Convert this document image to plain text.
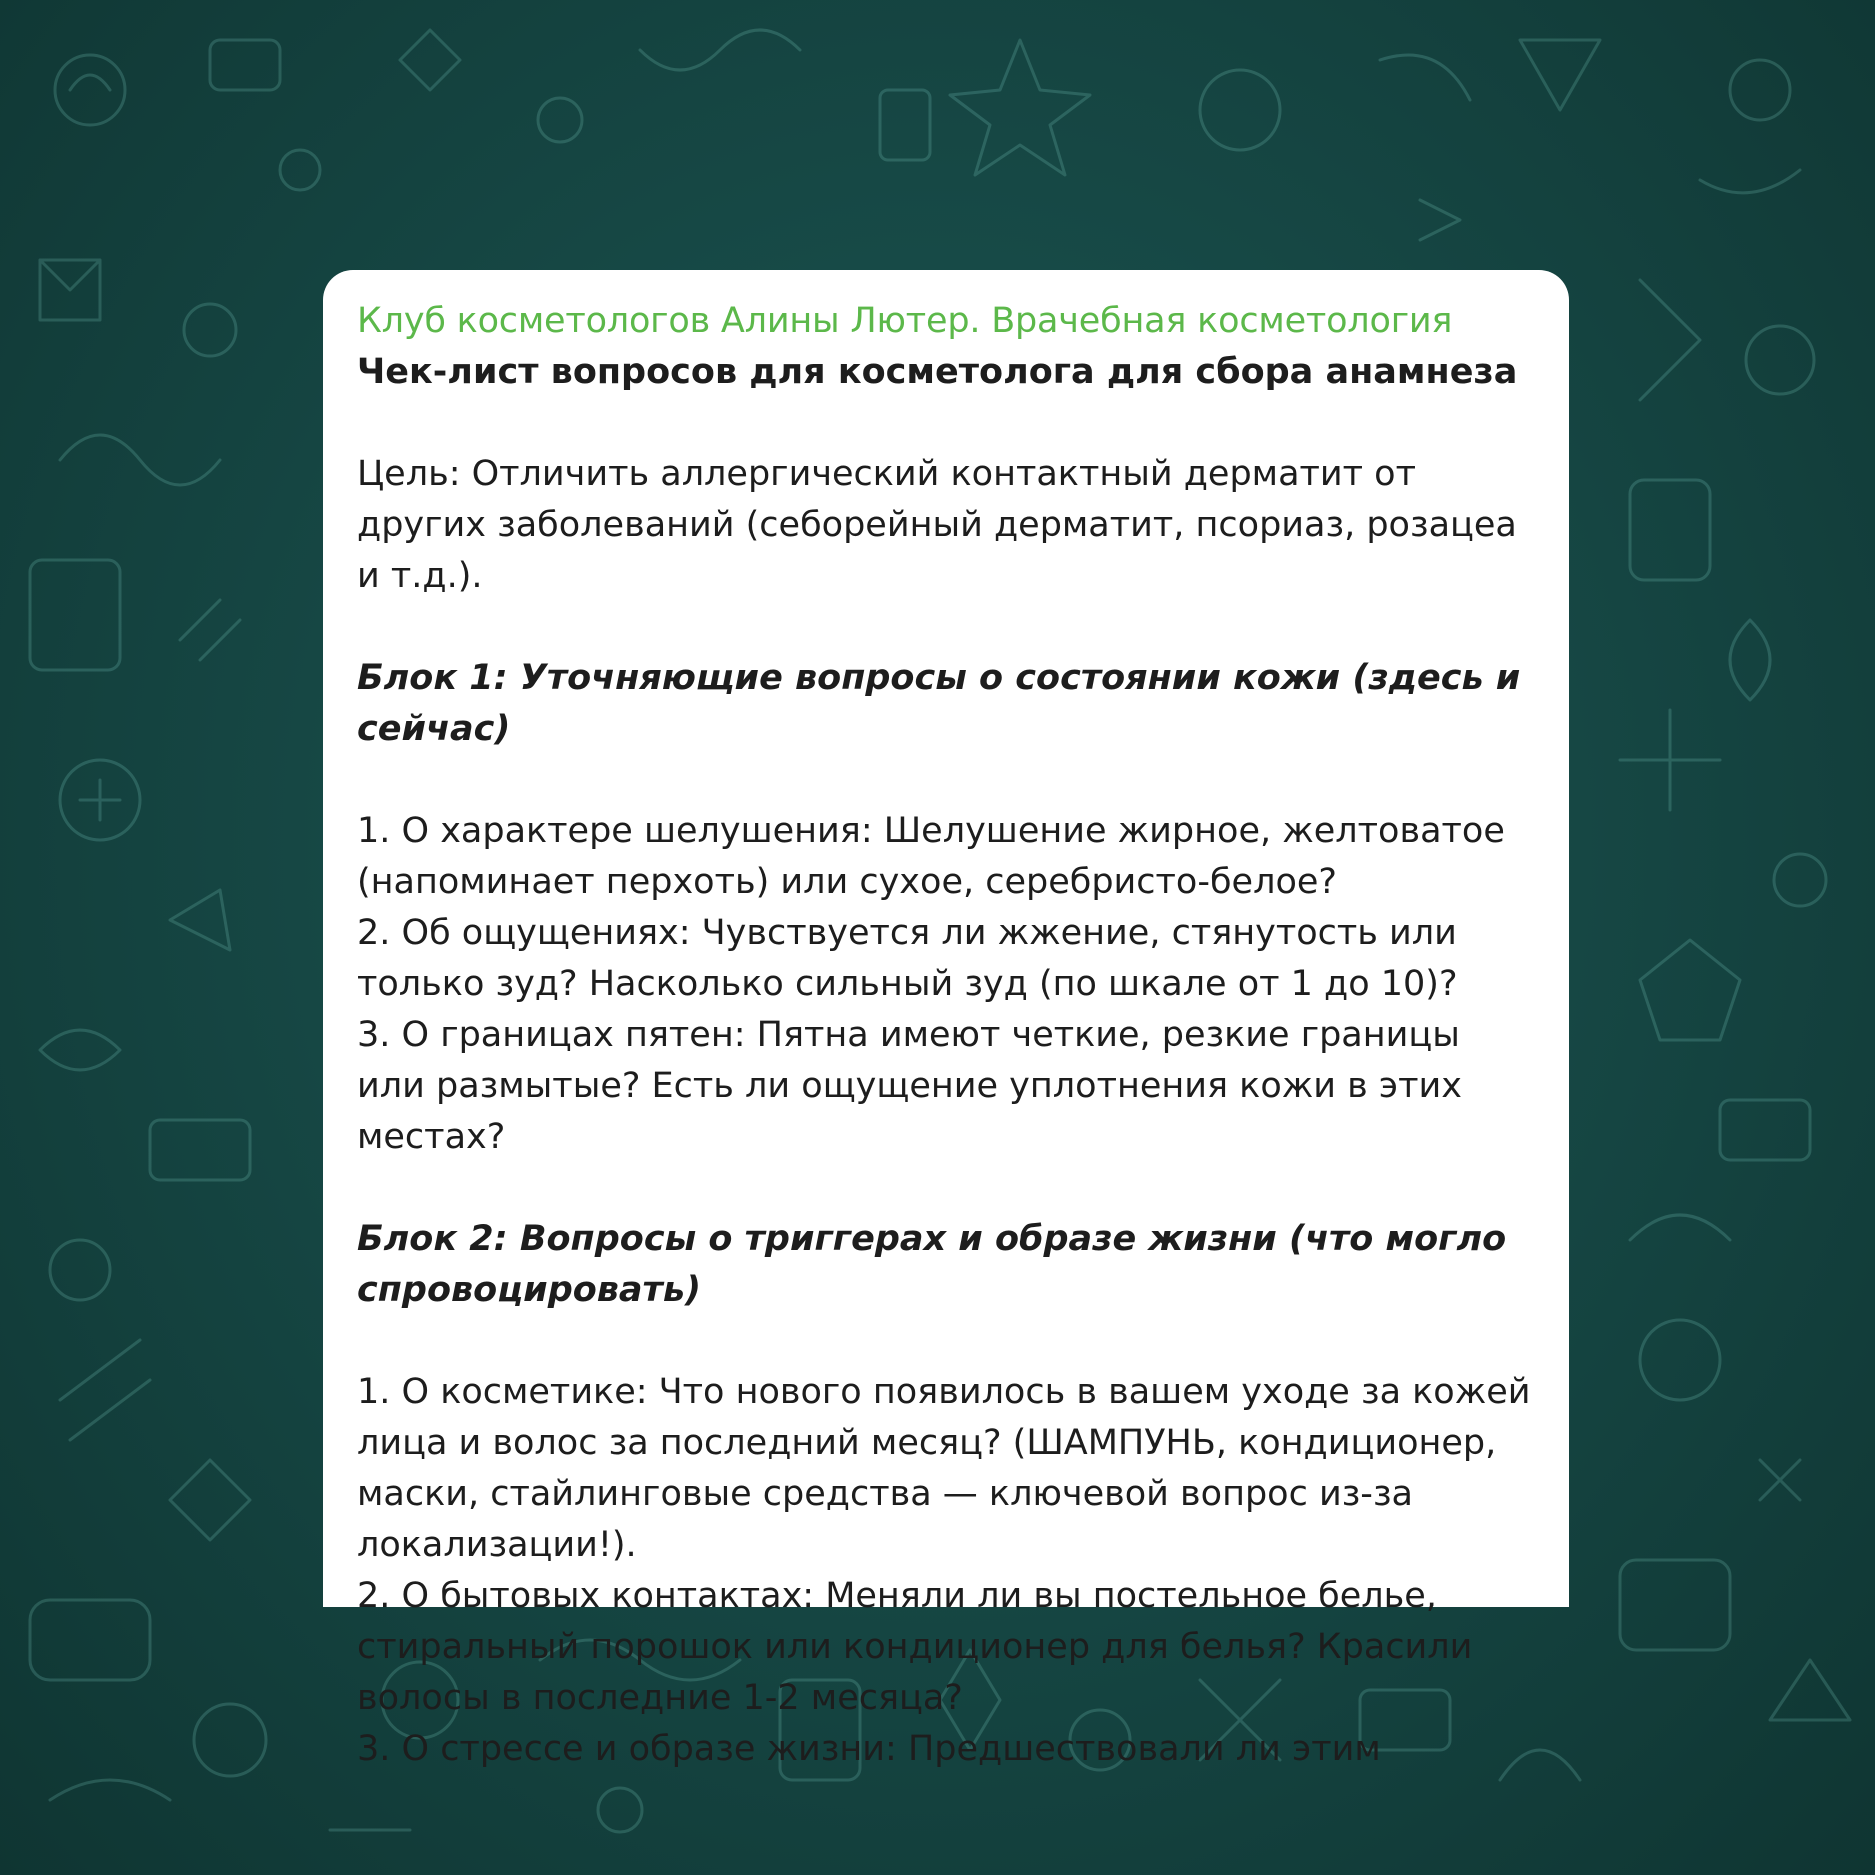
Клуб косметологов Алины Лютер. Врачебная косметология
Чек-лист вопросов для косметолога для сбора анамнеза
Цель: Отличить аллергический контактный дерматит от других заболеваний (себорейный дерматит, псориаз, розацеа и т.д.).
Блок 1: Уточняющие вопросы о состоянии кожи (здесь и сейчас)
1. О характере шелушения: Шелушение жирное, желтоватое (напоминает перхоть) или сухое, серебристо-белое?
2. Об ощущениях: Чувствуется ли жжение, стянутость или только зуд? Насколько сильный зуд (по шкале от 1 до 10)?
3. О границах пятен: Пятна имеют четкие, резкие границы или размытые? Есть ли ощущение уплотнения кожи в этих местах?
Блок 2: Вопросы о триггерах и образе жизни (что могло спровоцировать)
1. О косметике: Что нового появилось в вашем уходе за кожей лица и волос за последний месяц? (ШАМПУНЬ, кондиционер, маски, стайлинговые средства — ключевой вопрос из-за локализации!).
2. О бытовых контактах: Меняли ли вы постельное белье, стиральный порошок или кондиционер для белья? Красили волосы в последние 1-2 месяца?
3. О стрессе и образе жизни: Предшествовали ли этим
